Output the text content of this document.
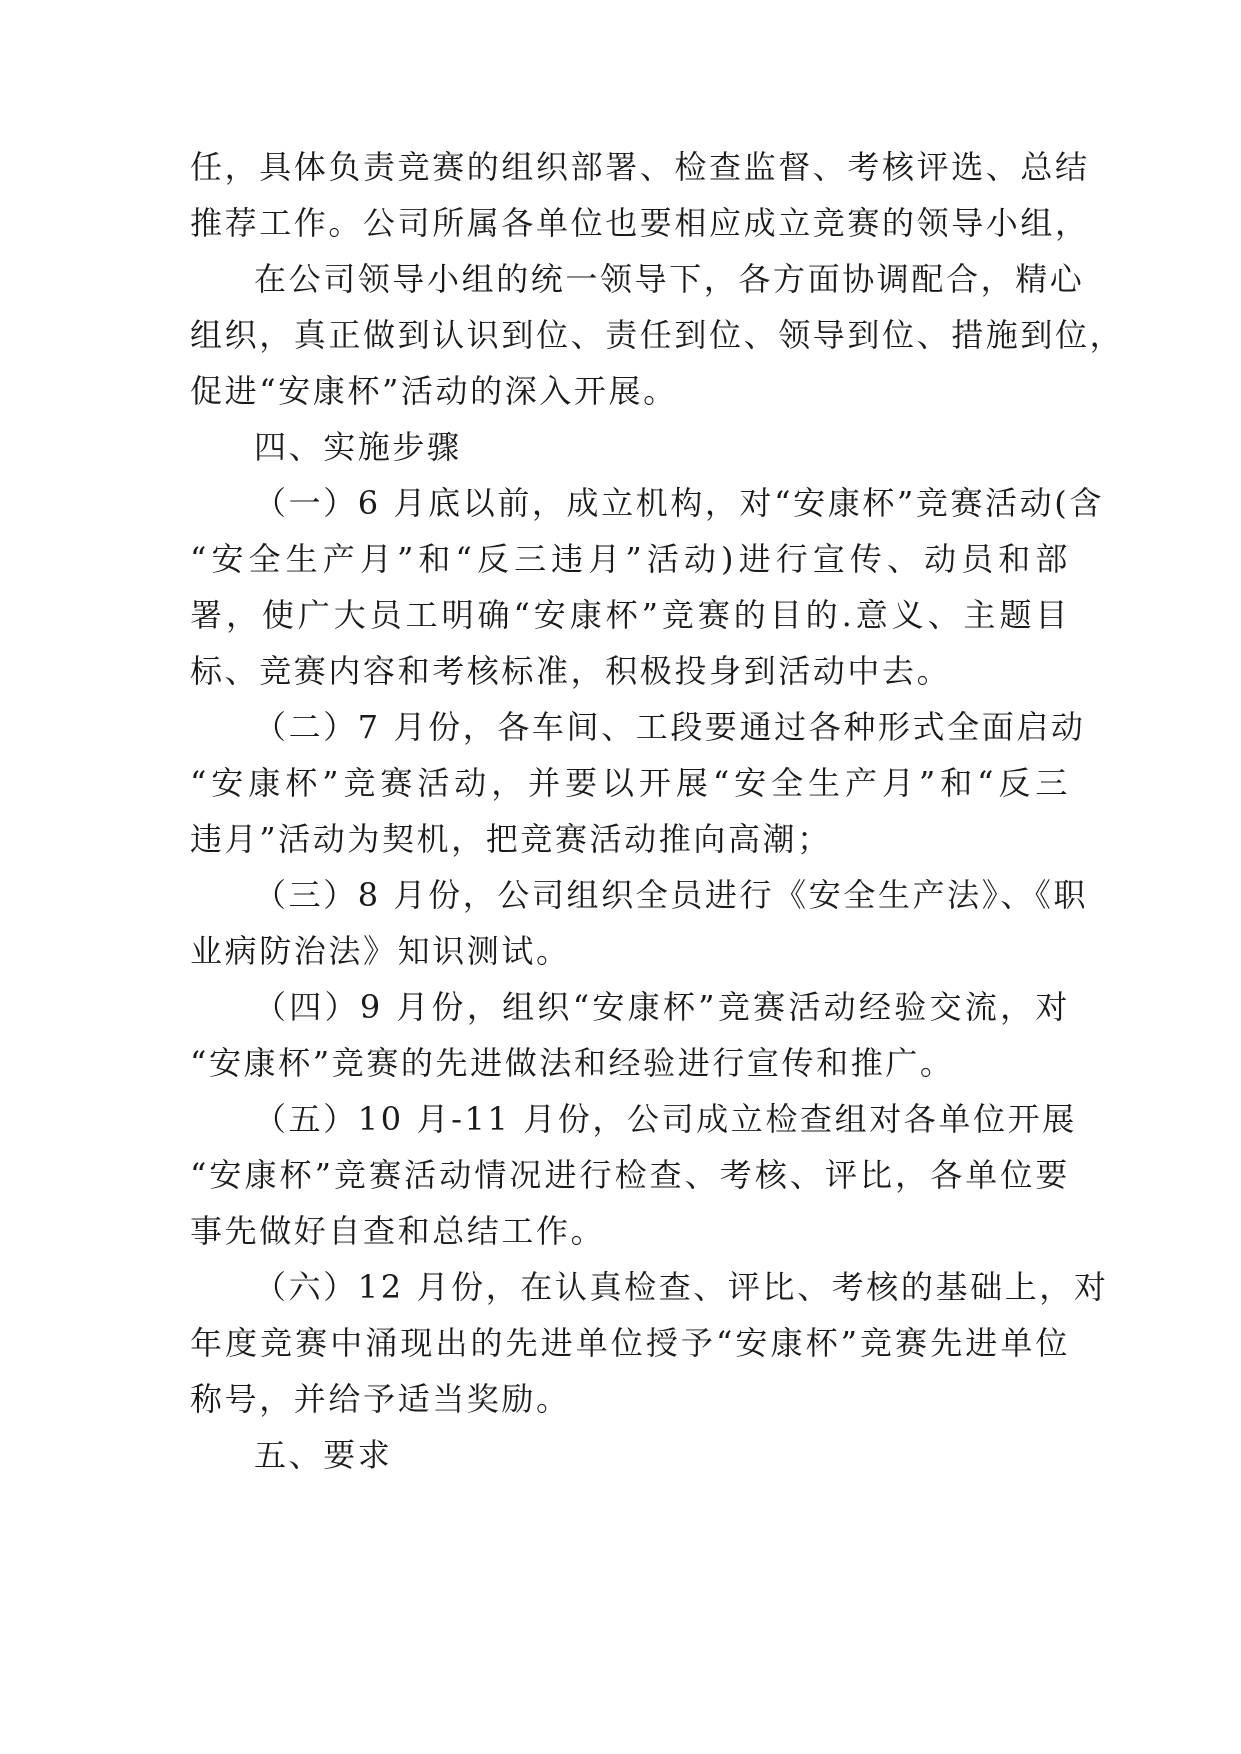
任，具体负责竞赛的组织部署、检查监督、考核评选、总结
推荐工作。公司所属各单位也要相应成立竞赛的领导小组，
在公司领导小组的统一领导下，各方面协调配合，精心
组织，真正做到认识到位、责任到位、领导到位、措施到位，
促进“安康杯”活动的深入开展。
四、实施步骤
（一）6 月底以前，成立机构，对“安康杯”竞赛活动(含
“安全生产月”和“反三违月”活动)进行宣传、动员和部
署，使广大员工明确“安康杯”竞赛的目的.意义、主题目
标、竞赛内容和考核标准，积极投身到活动中去。
（二）7 月份，各车间、工段要通过各种形式全面启动
“安康杯”竞赛活动，并要以开展“安全生产月”和“反三
违月”活动为契机，把竞赛活动推向高潮；
（三）8 月份，公司组织全员进行《安全生产法》、《职
业病防治法》知识测试。
（四）9 月份，组织“安康杯”竞赛活动经验交流，对
“安康杯”竞赛的先进做法和经验进行宣传和推广。
（五）10 月-11 月份，公司成立检查组对各单位开展
“安康杯”竞赛活动情况进行检查、考核、评比，各单位要
事先做好自查和总结工作。
（六）12 月份，在认真检查、评比、考核的基础上，对
年度竞赛中涌现出的先进单位授予“安康杯”竞赛先进单位
称号，并给予适当奖励。
五、要求
